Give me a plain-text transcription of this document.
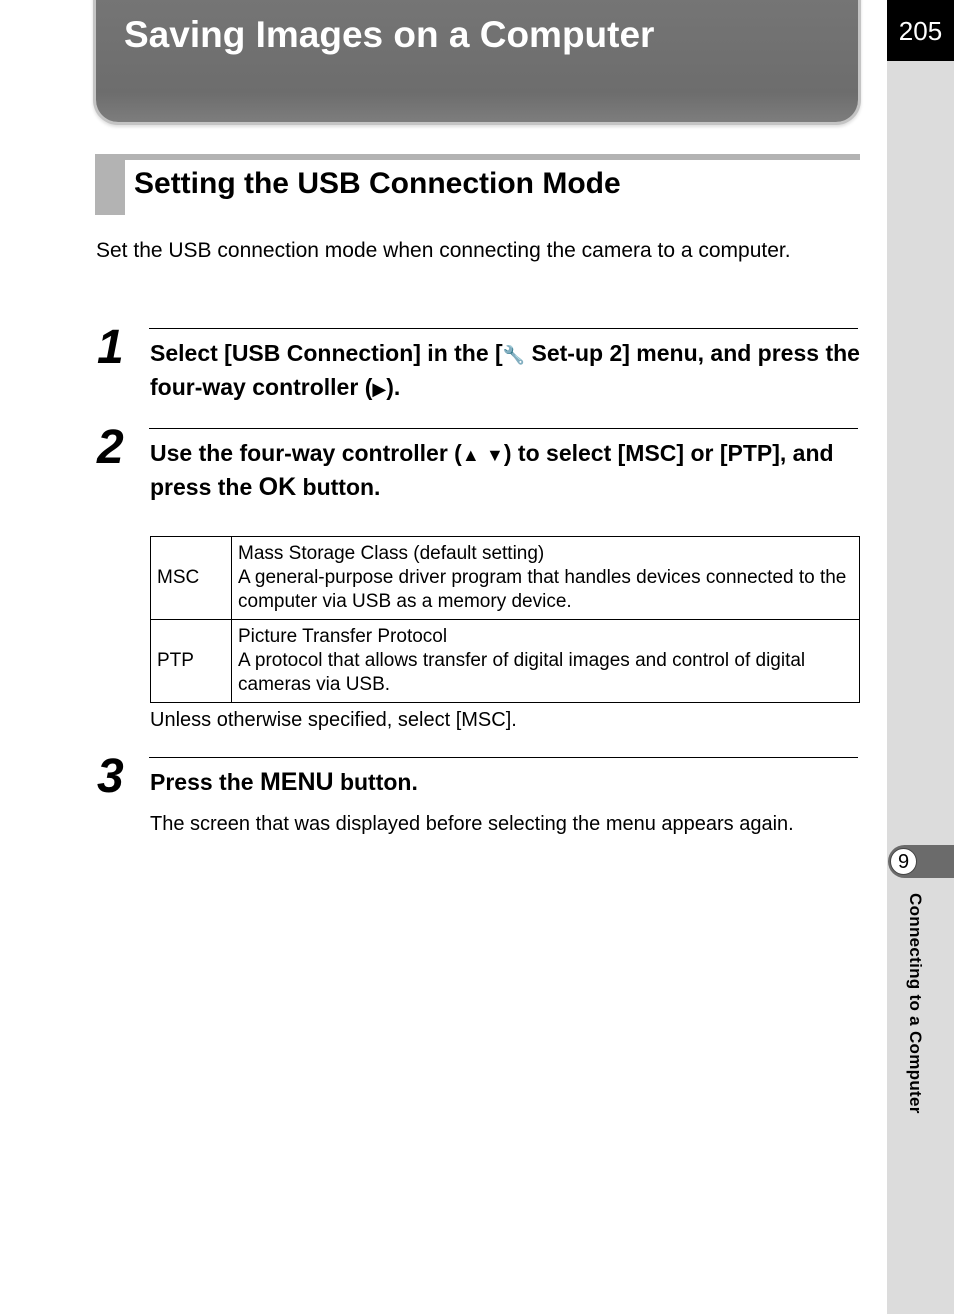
205
9
Connecting to a Computer
Saving Images on a Computer
Setting the USB Connection Mode

Set the USB connection mode when connecting the camera to a computer.

1 Select [USB Connection] in the [🔧 Set-up 2] menu, and press the four-way controller (▶).

2 Use the four-way controller (▲ ▼) to select [MSC] or [PTP], and press the OK button.

MSC	Mass Storage Class (default setting)
A general-purpose driver program that handles devices connected to the computer via USB as a memory device.

PTP	Picture Transfer Protocol
A protocol that allows transfer of digital images and control of digital cameras via USB.

Unless otherwise specified, select [MSC].

3 Press the MENU button.

The screen that was displayed before selecting the menu appears again.
